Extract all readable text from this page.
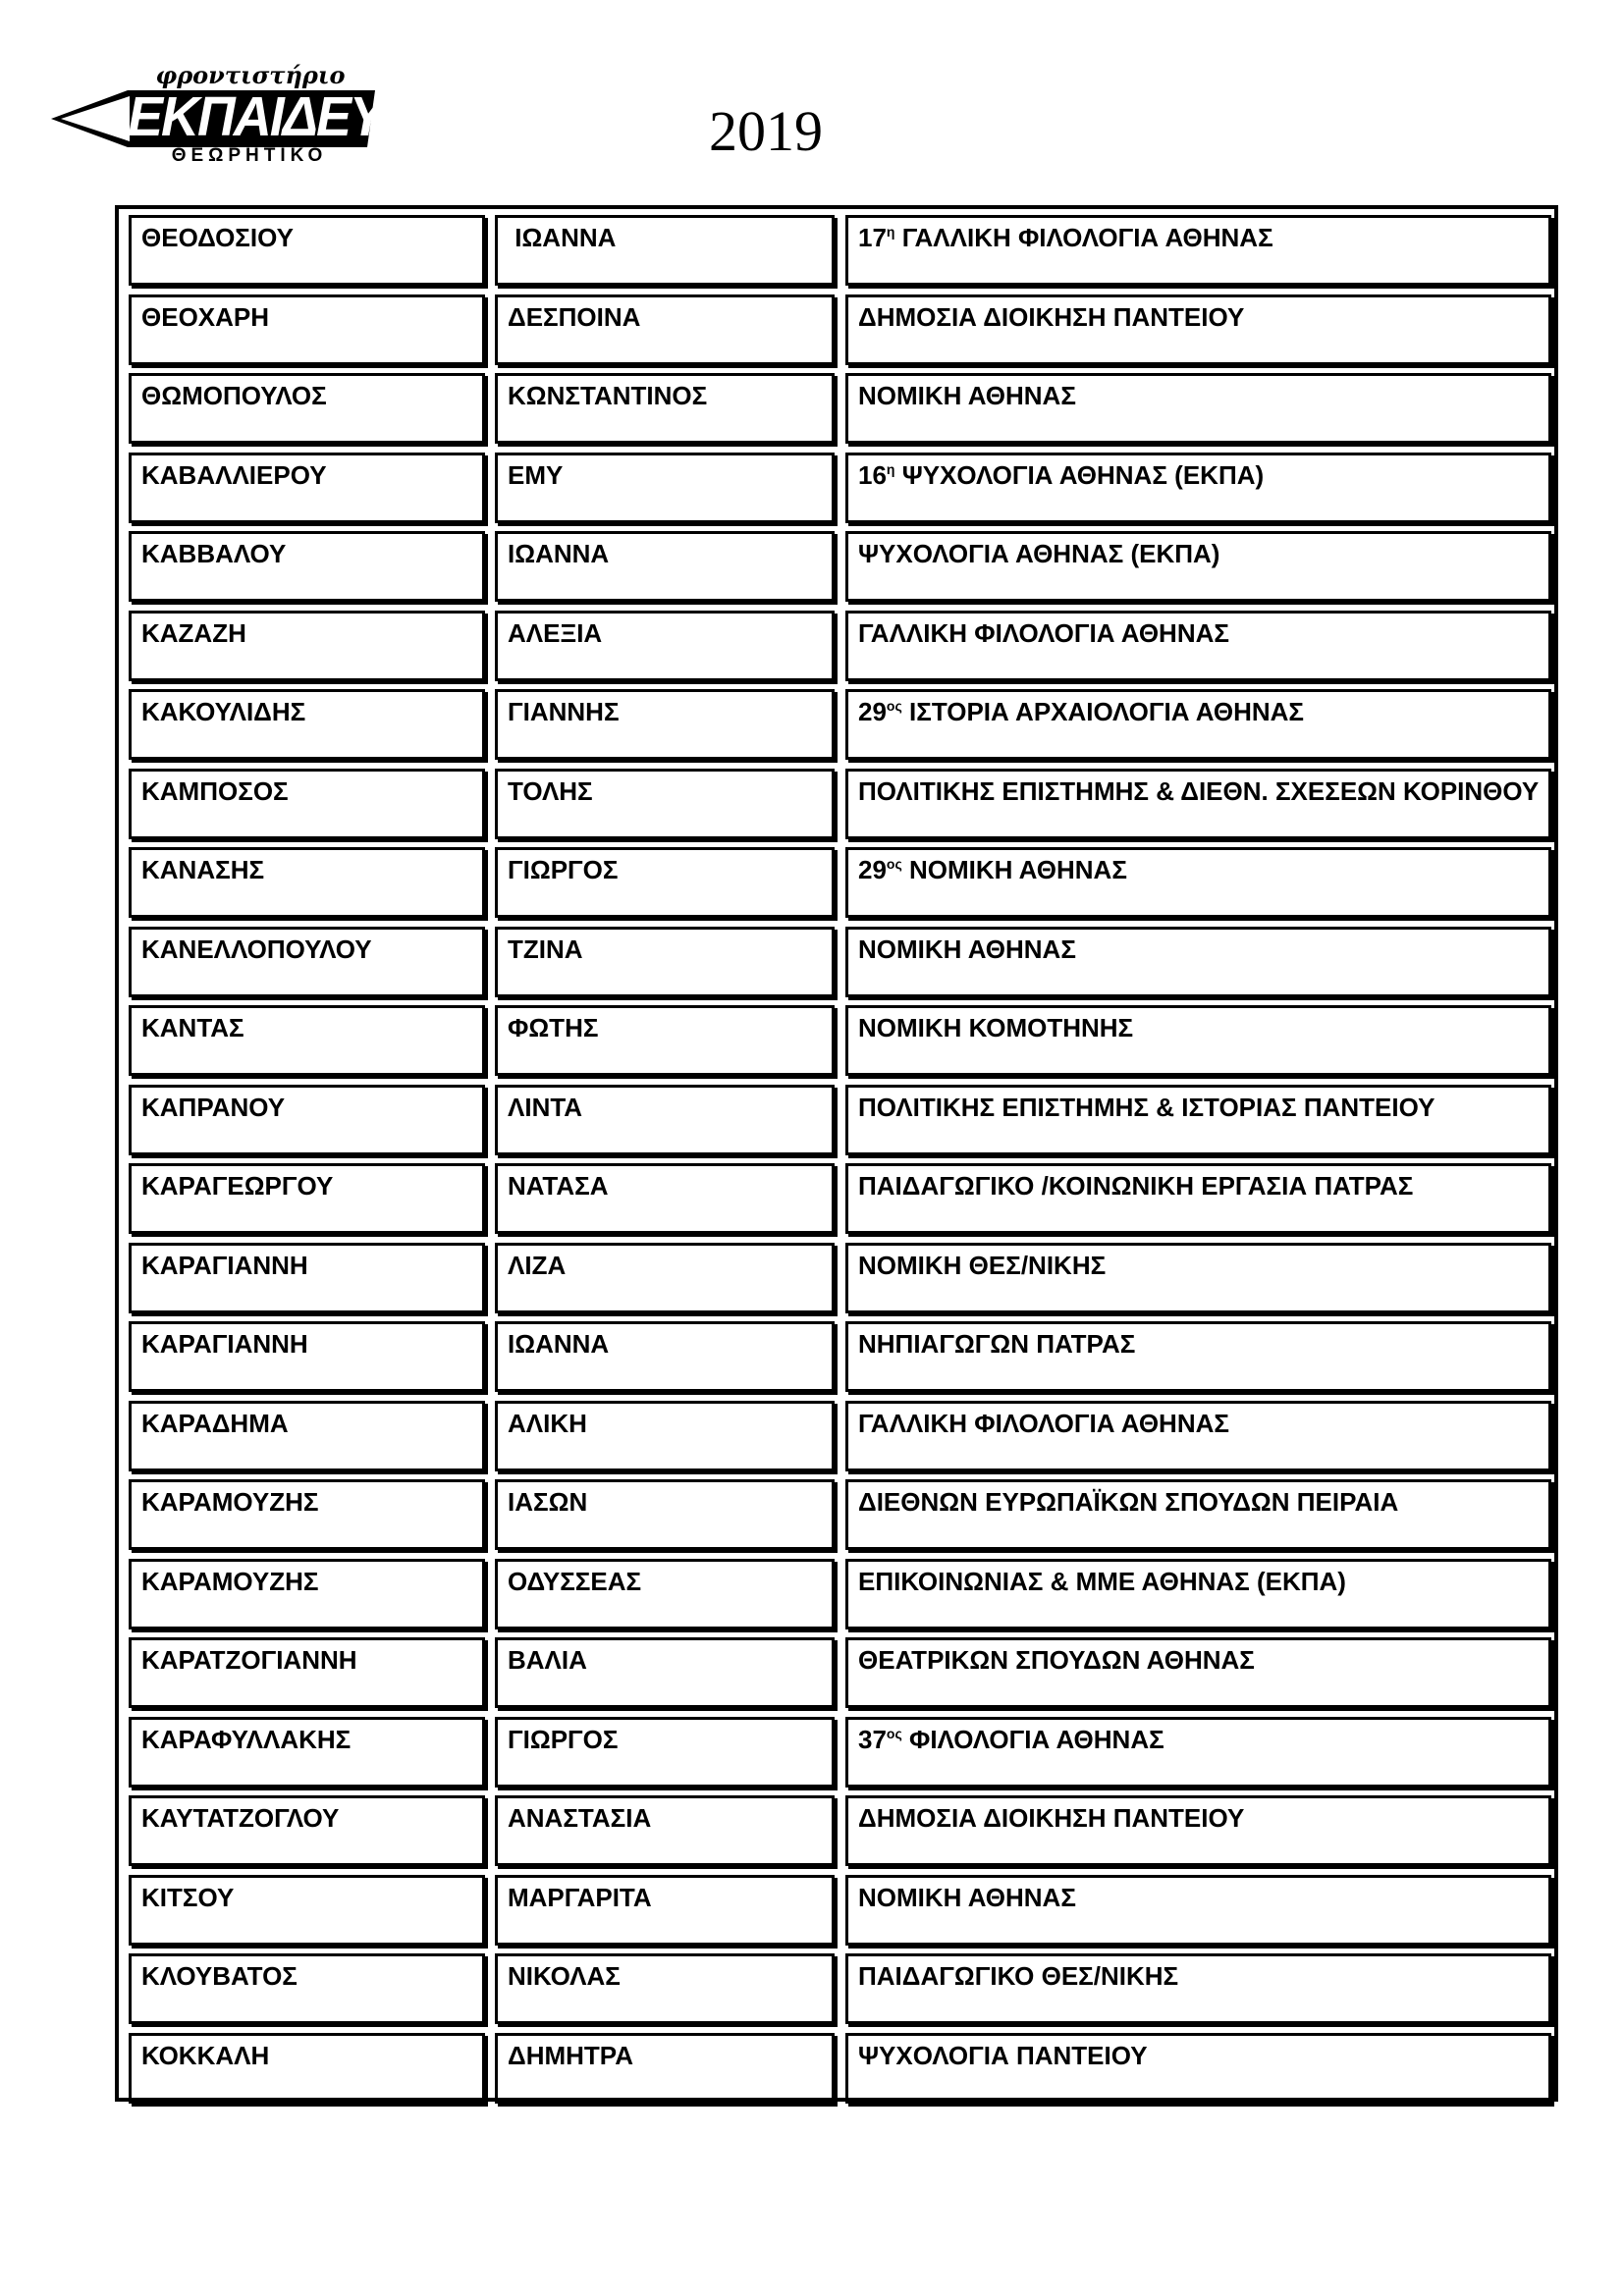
φροντιστήριο
ΕΚΠΑΙΔΕΥΣΗ
ΘΕΩΡΗΤΙΚΟ	2019
ΘΕΟΔΟΣΙΟΥ	ΙΩΑΝΝΑ	$17^\eta$ ΓΑΛΛΙΚΗ ΦΙΛΟΛΟΓΙΑ ΑΘΗΝΑΣ
ΘΕΟΧΑΡΗ	ΔΕΣΠΟΙΝΑ	ΔΗΜΟΣΙΑ ΔΙΟΙΚΗΣΗ ΠΑΝΤΕΙΟΥ
ΘΩΜΟΠΟΥΛΟΣ	ΚΩΝΣΤΑΝΤΙΝΟΣ	ΝΟΜΙΚΗ ΑΘΗΝΑΣ
ΚΑΒΑΛΛΙΕΡΟΥ	ΕΜΥ	$16^\eta$ ΨΥΧΟΛΟΓΙΑ ΑΘΗΝΑΣ (ΕΚΠΑ)
ΚΑΒΒΑΛΟΥ	ΙΩΑΝΝΑ	ΨΥΧΟΛΟΓΙΑ ΑΘΗΝΑΣ (ΕΚΠΑ)
ΚΑΖΑΖΗ	ΑΛΕΞΙΑ	ΓΑΛΛΙΚΗ ΦΙΛΟΛΟΓΙΑ ΑΘΗΝΑΣ
ΚΑΚΟΥΛΙΔΗΣ	ΓΙΑΝΝΗΣ	$29^{o\varsigma}$ ΙΣΤΟΡΙΑ ΑΡΧΑΙΟΛΟΓΙΑ ΑΘΗΝΑΣ
ΚΑΜΠΟΣΟΣ	ΤΟΛΗΣ	ΠΟΛΙΤΙΚΗΣ ΕΠΙΣΤΗΜΗΣ & ΔΙΕΘΝ. ΣΧΕΣΕΩΝ ΚΟΡΙΝΘΟΥ
ΚΑΝΑΣΗΣ	ΓΙΩΡΓΟΣ	$29^{o\varsigma}$ ΝΟΜΙΚΗ ΑΘΗΝΑΣ
ΚΑΝΕΛΛΟΠΟΥΛΟΥ	ΤΖΙΝΑ	ΝΟΜΙΚΗ ΑΘΗΝΑΣ
ΚΑΝΤΑΣ	ΦΩΤΗΣ	ΝΟΜΙΚΗ ΚΟΜΟΤΗΝΗΣ
ΚΑΠΡΑΝΟΥ	ΛΙΝΤΑ	ΠΟΛΙΤΙΚΗΣ ΕΠΙΣΤΗΜΗΣ & ΙΣΤΟΡΙΑΣ ΠΑΝΤΕΙΟΥ
ΚΑΡΑΓΕΩΡΓΟΥ	ΝΑΤΑΣΑ	ΠΑΙΔΑΓΩΓΙΚΟ /ΚΟΙΝΩΝΙΚΗ ΕΡΓΑΣΙΑ ΠΑΤΡΑΣ
ΚΑΡΑΓΙΑΝΝΗ	ΛΙΖΑ	ΝΟΜΙΚΗ ΘΕΣ/ΝΙΚΗΣ
ΚΑΡΑΓΙΑΝΝΗ	ΙΩΑΝΝΑ	ΝΗΠΙΑΓΩΓΩΝ ΠΑΤΡΑΣ
ΚΑΡΑΔΗΜΑ	ΑΛΙΚΗ	ΓΑΛΛΙΚΗ ΦΙΛΟΛΟΓΙΑ ΑΘΗΝΑΣ
ΚΑΡΑΜΟΥΖΗΣ	ΙΑΣΩΝ	ΔΙΕΘΝΩΝ ΕΥΡΩΠΑΪΚΩΝ ΣΠΟΥΔΩΝ ΠΕΙΡΑΙΑ
ΚΑΡΑΜΟΥΖΗΣ	ΟΔΥΣΣΕΑΣ	ΕΠΙΚΟΙΝΩΝΙΑΣ & ΜΜΕ ΑΘΗΝΑΣ (ΕΚΠΑ)
ΚΑΡΑΤΖΟΓΙΑΝΝΗ	ΒΑΛΙΑ	ΘΕΑΤΡΙΚΩΝ ΣΠΟΥΔΩΝ ΑΘΗΝΑΣ
ΚΑΡΑΦΥΛΛΑΚΗΣ	ΓΙΩΡΓΟΣ	$37^{o\varsigma}$ ΦΙΛΟΛΟΓΙΑ ΑΘΗΝΑΣ
ΚΑΥΤΑΤΖΟΓΛΟΥ	ΑΝΑΣΤΑΣΙΑ	ΔΗΜΟΣΙΑ ΔΙΟΙΚΗΣΗ ΠΑΝΤΕΙΟΥ
ΚΙΤΣΟΥ	ΜΑΡΓΑΡΙΤΑ	ΝΟΜΙΚΗ ΑΘΗΝΑΣ
ΚΛΟΥΒΑΤΟΣ	ΝΙΚΟΛΑΣ	ΠΑΙΔΑΓΩΓΙΚΟ ΘΕΣ/ΝΙΚΗΣ
ΚΟΚΚΑΛΗ	ΔΗΜΗΤΡΑ	ΨΥΧΟΛΟΓΙΑ ΠΑΝΤΕΙΟΥ
